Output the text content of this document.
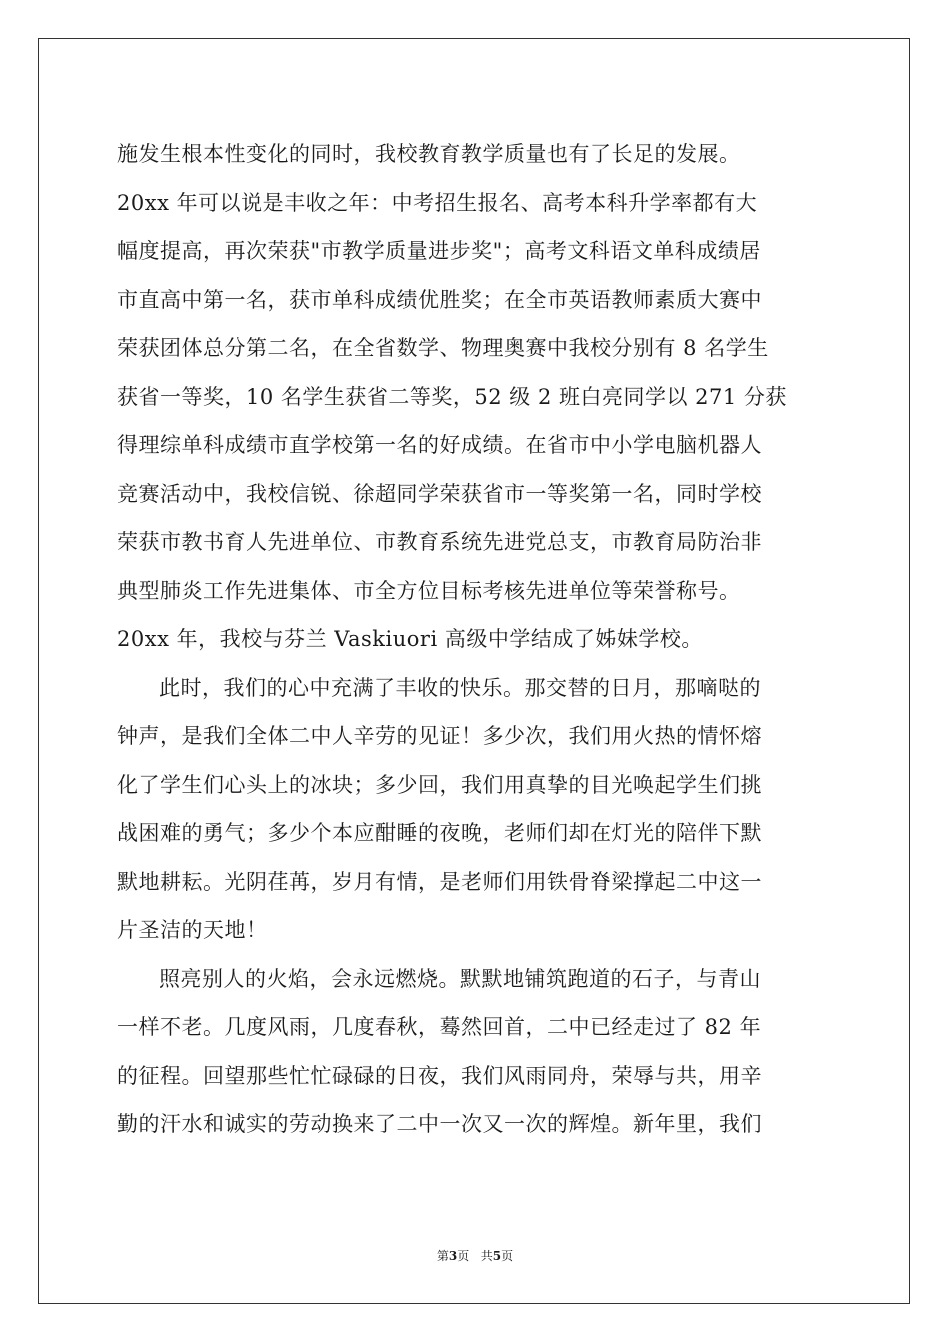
施发生根本性变化的同时，我校教育教学质量也有了长足的发展。
20xx 年可以说是丰收之年：中考招生报名、高考本科升学率都有大
幅度提高，再次荣获"市教学质量进步奖"；高考文科语文单科成绩居
市直高中第一名，获市单科成绩优胜奖；在全市英语教师素质大赛中
荣获团体总分第二名，在全省数学、物理奥赛中我校分别有 8 名学生
获省一等奖，10 名学生获省二等奖，52 级 2 班白亮同学以 271 分获
得理综单科成绩市直学校第一名的好成绩。在省市中小学电脑机器人
竞赛活动中，我校信锐、徐超同学荣获省市一等奖第一名，同时学校
荣获市教书育人先进单位、市教育系统先进党总支，市教育局防治非
典型肺炎工作先进集体、市全方位目标考核先进单位等荣誉称号。
20xx 年，我校与芬兰 Vaskiuori 高级中学结成了姊妹学校。
此时，我们的心中充满了丰收的快乐。那交替的日月，那嘀哒的
钟声，是我们全体二中人辛劳的见证！多少次，我们用火热的情怀熔
化了学生们心头上的冰块；多少回，我们用真挚的目光唤起学生们挑
战困难的勇气；多少个本应酣睡的夜晚，老师们却在灯光的陪伴下默
默地耕耘。光阴荏苒，岁月有情，是老师们用铁骨脊梁撑起二中这一
片圣洁的天地！
照亮别人的火焰，会永远燃烧。默默地铺筑跑道的石子，与青山
一样不老。几度风雨，几度春秋，蓦然回首，二中已经走过了 82 年
的征程。回望那些忙忙碌碌的日夜，我们风雨同舟，荣辱与共，用辛
勤的汗水和诚实的劳动换来了二中一次又一次的辉煌。新年里，我们
第3页   共5页
